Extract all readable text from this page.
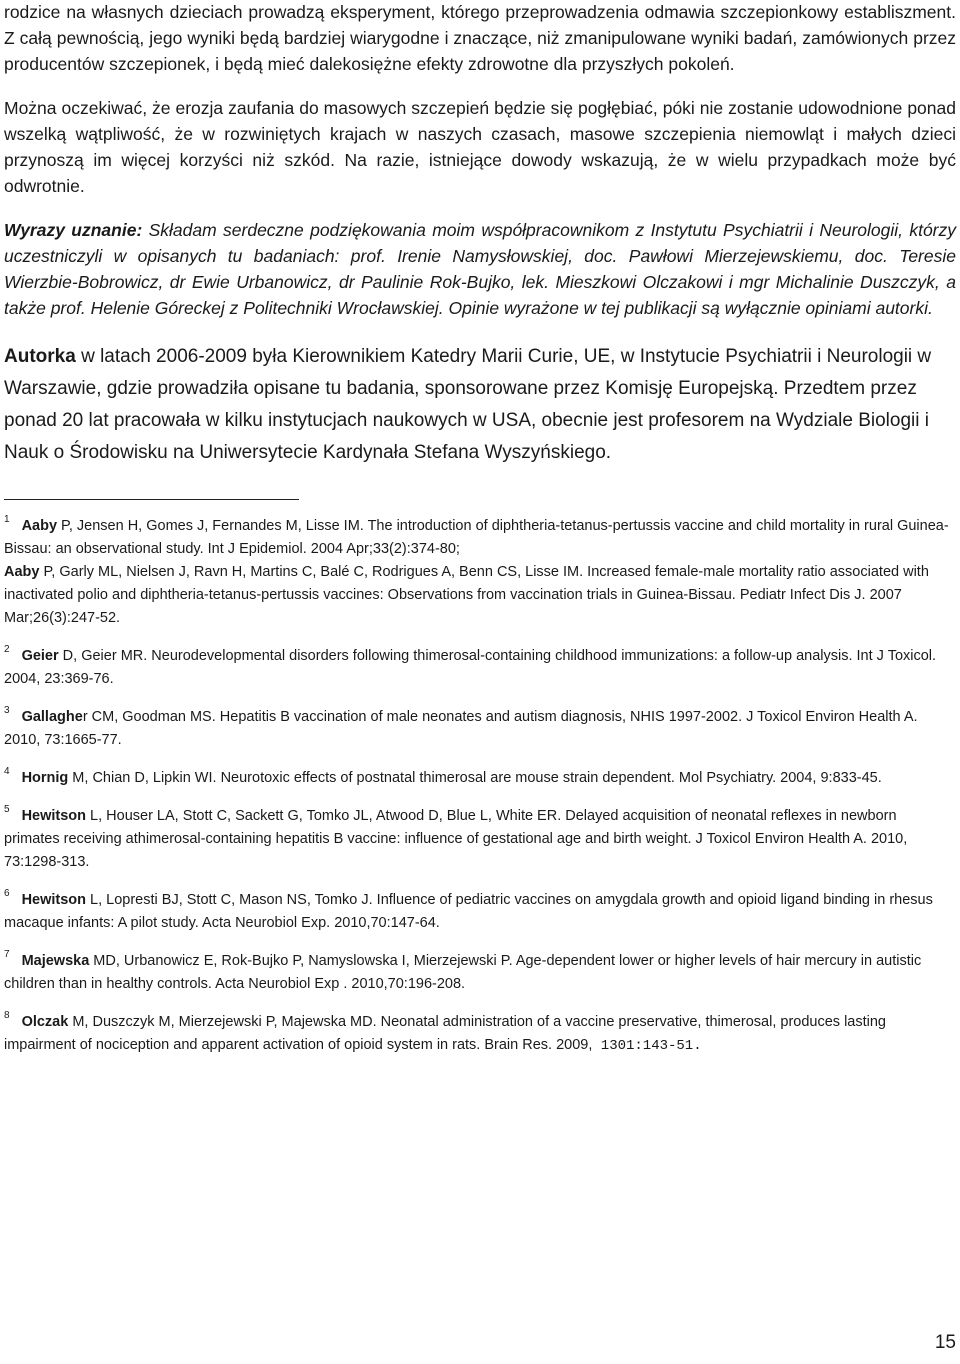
rodzice na własnych dzieciach prowadzą eksperyment, którego przeprowadzenia odmawia szczepionkowy establiszment. Z całą pewnością, jego wyniki będą bardziej wiarygodne i znaczące, niż zmanipulowane wyniki badań, zamówionych przez producentów szczepionek, i będą mieć dalekosiężne efekty zdrowotne dla przyszłych pokoleń.

Można oczekiwać, że erozja zaufania do masowych szczepień będzie się pogłębiać, póki nie zostanie udowodnione ponad wszelką wątpliwość, że w rozwiniętych krajach w naszych czasach, masowe szczepienia niemowląt i małych dzieci przynoszą im więcej korzyści niż szkód. Na razie, istniejące dowody wskazują, że w wielu przypadkach może być odwrotnie.

Wyrazy uznanie: Składam serdeczne podziękowania moim współpracownikom z Instytutu Psychiatrii i Neurologii, którzy uczestniczyli w opisanych tu badaniach: prof. Irenie Namysłowskiej, doc. Pawłowi Mierzejewskiemu, doc. Teresie Wierzbie-Bobrowicz, dr Ewie Urbanowicz, dr Paulinie Rok-Bujko, lek. Mieszkowi Olczakowi i mgr Michalinie Duszczyk, a także prof. Helenie Góreckej z Politechniki Wrocławskiej. Opinie wyrażone w tej publikacji są wyłącznie opiniami autorki.

Autorka w latach 2006-2009 była Kierownikiem Katedry Marii Curie, UE, w Instytucie Psychiatrii i Neurologii w Warszawie, gdzie prowadziła opisane tu badania, sponsorowane przez Komisję Europejską. Przedtem przez ponad 20 lat pracowała w kilku instytucjach naukowych w USA, obecnie jest profesorem na Wydziale Biologii i Nauk o Środowisku na Uniwersytecie Kardynała Stefana Wyszyńskiego.

$^1$ Aaby P, Jensen H, Gomes J, Fernandes M, Lisse IM. The introduction of diphtheria-tetanus-pertussis vaccine and child mortality in rural Guinea-Bissau: an observational study. Int J Epidemiol. 2004 Apr;33(2):374-80;

Aaby P, Garly ML, Nielsen J, Ravn H, Martins C, Balé C, Rodrigues A, Benn CS, Lisse IM. Increased female-male mortality ratio associated with inactivated polio and diphtheria-tetanus-pertussis vaccines: Observations from vaccination trials in Guinea-Bissau. Pediatr Infect Dis J. 2007 Mar;26(3):247-52.

$^2$ Geier D, Geier MR. Neurodevelopmental disorders following thimerosal-containing childhood immunizations: a follow-up analysis. Int J Toxicol. 2004, 23:369-76.

$^3$ Gallagher CM, Goodman MS. Hepatitis B vaccination of male neonates and autism diagnosis, NHIS 1997-2002. J Toxicol Environ Health A. 2010, 73:1665-77.

$^4$ Hornig M, Chian D, Lipkin WI. Neurotoxic effects of postnatal thimerosal are mouse strain dependent. Mol Psychiatry. 2004, 9:833-45.

$^5$ Hewitson L, Houser LA, Stott C, Sackett G, Tomko JL, Atwood D, Blue L, White ER. Delayed acquisition of neonatal reflexes in newborn primates receiving athimerosal-containing hepatitis B vaccine: influence of gestational age and birth weight. J Toxicol Environ Health A. 2010, 73:1298-313.

$^6$ Hewitson L, Lopresti BJ, Stott C, Mason NS, Tomko J. Influence of pediatric vaccines on amygdala growth and opioid ligand binding in rhesus macaque infants: A pilot study. Acta Neurobiol Exp. 2010,70:147-64.

$^7$ Majewska MD, Urbanowicz E, Rok-Bujko P, Namyslowska I, Mierzejewski P. Age-dependent lower or higher levels of hair mercury in autistic children than in healthy controls. Acta Neurobiol Exp . 2010,70:196-208.

$^8$ Olczak M, Duszczyk M, Mierzejewski P, Majewska MD. Neonatal administration of a vaccine preservative, thimerosal, produces lasting impairment of nociception and apparent activation of opioid system in rats. Brain Res. 2009, 1301:143-51.

15
